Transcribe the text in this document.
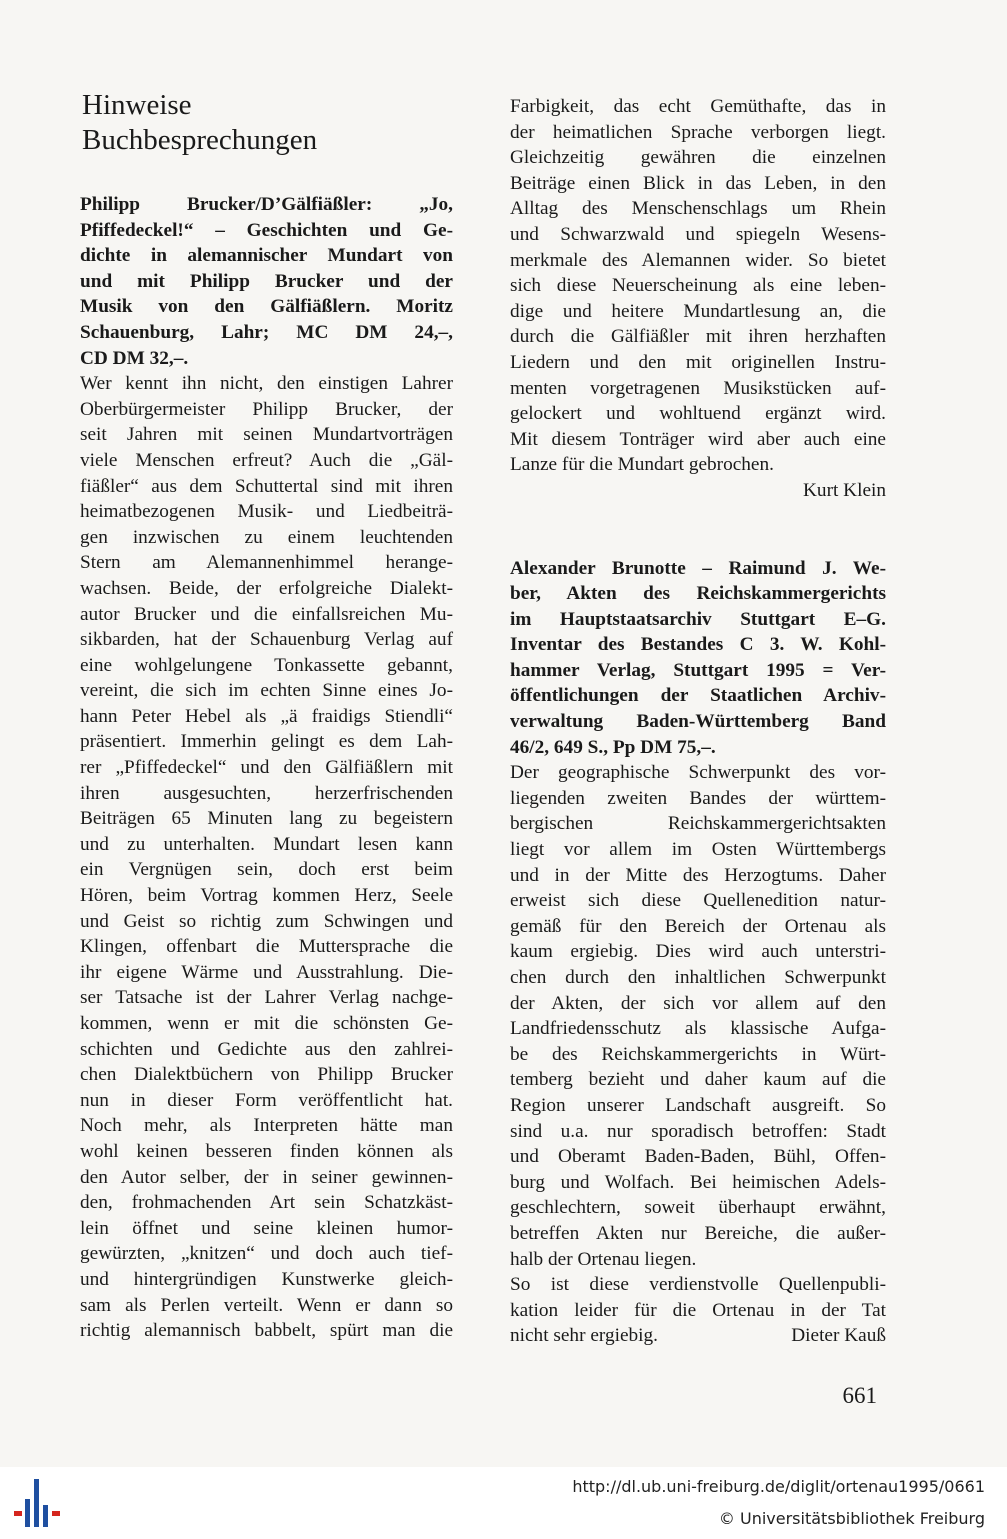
Hinweise
Buchbesprechungen
Philipp Brucker/D’Gälfiäßler: „Jo,
Pfiffedeckel!“ – Geschichten und Ge-
dichte in alemannischer Mundart von
und mit Philipp Brucker und der
Musik von den Gälfiäßlern. Moritz
Schauenburg, Lahr; MC DM 24,–,
CD DM 32,–.
Wer kennt ihn nicht, den einstigen Lahrer
Oberbürgermeister Philipp Brucker, der
seit Jahren mit seinen Mundartvorträgen
viele Menschen erfreut? Auch die „Gäl-
fiäßler“ aus dem Schuttertal sind mit ihren
heimatbezogenen Musik- und Liedbeiträ-
gen inzwischen zu einem leuchtenden
Stern am Alemannenhimmel herange-
wachsen. Beide, der erfolgreiche Dialekt-
autor Brucker und die einfallsreichen Mu-
sikbarden, hat der Schauenburg Verlag auf
eine wohlgelungene Tonkassette gebannt,
vereint, die sich im echten Sinne eines Jo-
hann Peter Hebel als „ä fraidigs Stiendli“
präsentiert. Immerhin gelingt es dem Lah-
rer „Pfiffedeckel“ und den Gälfiäßlern mit
ihren ausgesuchten, herzerfrischenden
Beiträgen 65 Minuten lang zu begeistern
und zu unterhalten. Mundart lesen kann
ein Vergnügen sein, doch erst beim
Hören, beim Vortrag kommen Herz, Seele
und Geist so richtig zum Schwingen und
Klingen, offenbart die Muttersprache die
ihr eigene Wärme und Ausstrahlung. Die-
ser Tatsache ist der Lahrer Verlag nachge-
kommen, wenn er mit die schönsten Ge-
schichten und Gedichte aus den zahlrei-
chen Dialektbüchern von Philipp Brucker
nun in dieser Form veröffentlicht hat.
Noch mehr, als Interpreten hätte man
wohl keinen besseren finden können als
den Autor selber, der in seiner gewinnen-
den, frohmachenden Art sein Schatzkäst-
lein öffnet und seine kleinen humor-
gewürzten, „knitzen“ und doch auch tief-
und hintergründigen Kunstwerke gleich-
sam als Perlen verteilt. Wenn er dann so
richtig alemannisch babbelt, spürt man die
Farbigkeit, das echt Gemüthafte, das in
der heimatlichen Sprache verborgen liegt.
Gleichzeitig gewähren die einzelnen
Beiträge einen Blick in das Leben, in den
Alltag des Menschenschlags um Rhein
und Schwarzwald und spiegeln Wesens-
merkmale des Alemannen wider. So bietet
sich diese Neuerscheinung als eine leben-
dige und heitere Mundartlesung an, die
durch die Gälfiäßler mit ihren herzhaften
Liedern und den mit originellen Instru-
menten vorgetragenen Musikstücken auf-
gelockert und wohltuend ergänzt wird.
Mit diesem Tonträger wird aber auch eine
Lanze für die Mundart gebrochen.
Kurt Klein
Alexander Brunotte – Raimund J. We-
ber, Akten des Reichskammergerichts
im Hauptstaatsarchiv Stuttgart E–G.
Inventar des Bestandes C 3. W. Kohl-
hammer Verlag, Stuttgart 1995 = Ver-
öffentlichungen der Staatlichen Archiv-
verwaltung Baden-Württemberg Band
46/2, 649 S., Pp DM 75,–.
Der geographische Schwerpunkt des vor-
liegenden zweiten Bandes der württem-
bergischen Reichskammergerichtsakten
liegt vor allem im Osten Württembergs
und in der Mitte des Herzogtums. Daher
erweist sich diese Quellenedition natur-
gemäß für den Bereich der Ortenau als
kaum ergiebig. Dies wird auch unterstri-
chen durch den inhaltlichen Schwerpunkt
der Akten, der sich vor allem auf den
Landfriedensschutz als klassische Aufga-
be des Reichskammergerichts in Würt-
temberg bezieht und daher kaum auf die
Region unserer Landschaft ausgreift. So
sind u.a. nur sporadisch betroffen: Stadt
und Oberamt Baden-Baden, Bühl, Offen-
burg und Wolfach. Bei heimischen Adels-
geschlechtern, soweit überhaupt erwähnt,
betreffen Akten nur Bereiche, die außer-
halb der Ortenau liegen.
So ist diese verdienstvolle Quellenpubli-
kation leider für die Ortenau in der Tat
nicht sehr ergiebig.	Dieter Kauß
661
http://dl.ub.uni-freiburg.de/diglit/ortenau1995/0661
© Universitätsbibliothek Freiburg
